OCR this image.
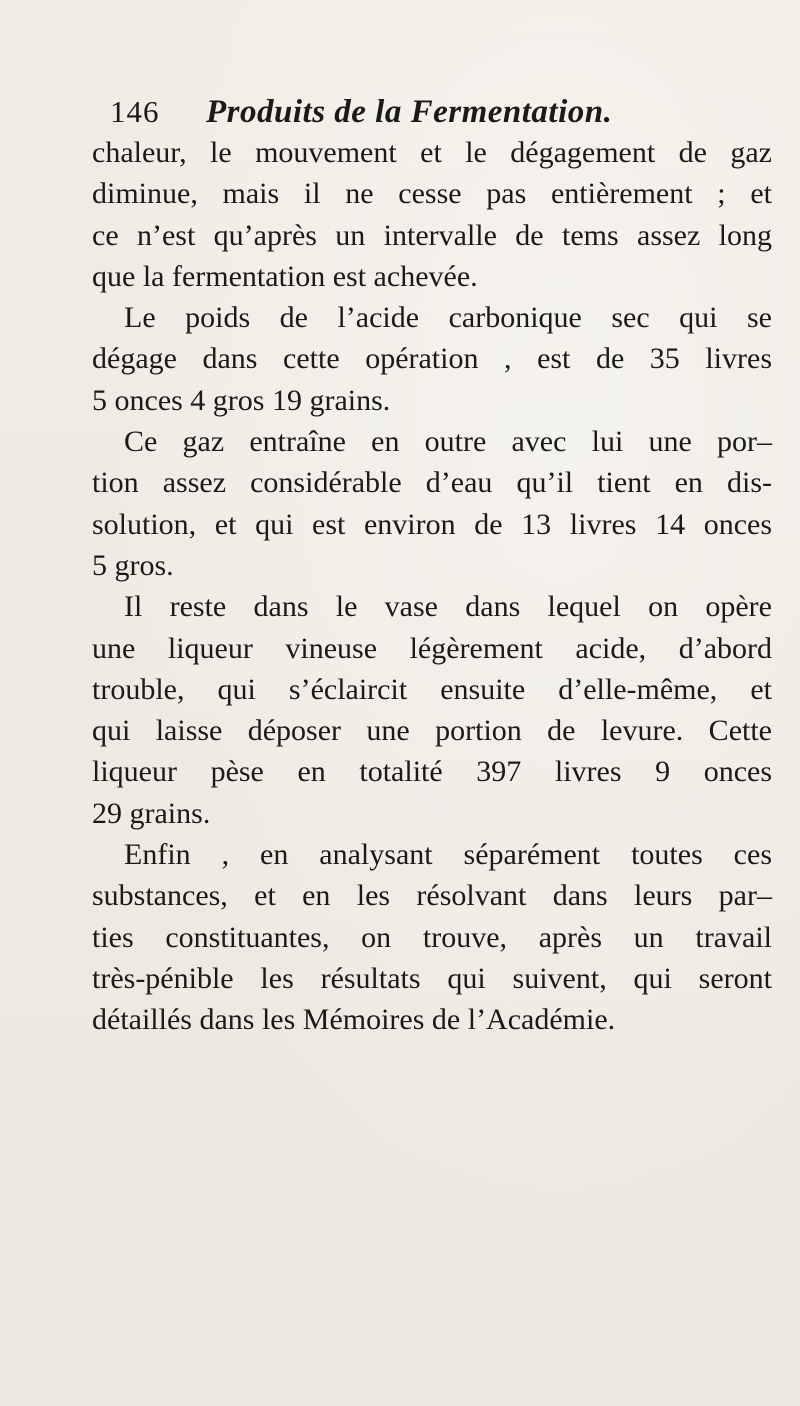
146 Produits de la Fermentation.
chaleur, le mouvement et le dégagement de gaz
diminue, mais il ne cesse pas entièrement ; et
ce n’est qu’après un intervalle de tems assez long
que la fermentation est achevée.
Le poids de l’acide carbonique sec qui se
dégage dans cette opération , est de 35 livres
5 onces 4 gros 19 grains.
Ce gaz entraîne en outre avec lui une por–
tion assez considérable d’eau qu’il tient en dis-
solution, et qui est environ de 13 livres 14 onces
5 gros.
Il reste dans le vase dans lequel on opère
une liqueur vineuse légèrement acide, d’abord
trouble, qui s’éclaircit ensuite d’elle-même, et
qui laisse déposer une portion de levure. Cette
liqueur pèse en totalité 397 livres 9 onces
29 grains.
Enfin , en analysant séparément toutes ces
substances, et en les résolvant dans leurs par–
ties constituantes, on trouve, après un travail
très-pénible les résultats qui suivent, qui seront
détaillés dans les Mémoires de l’Académie.
